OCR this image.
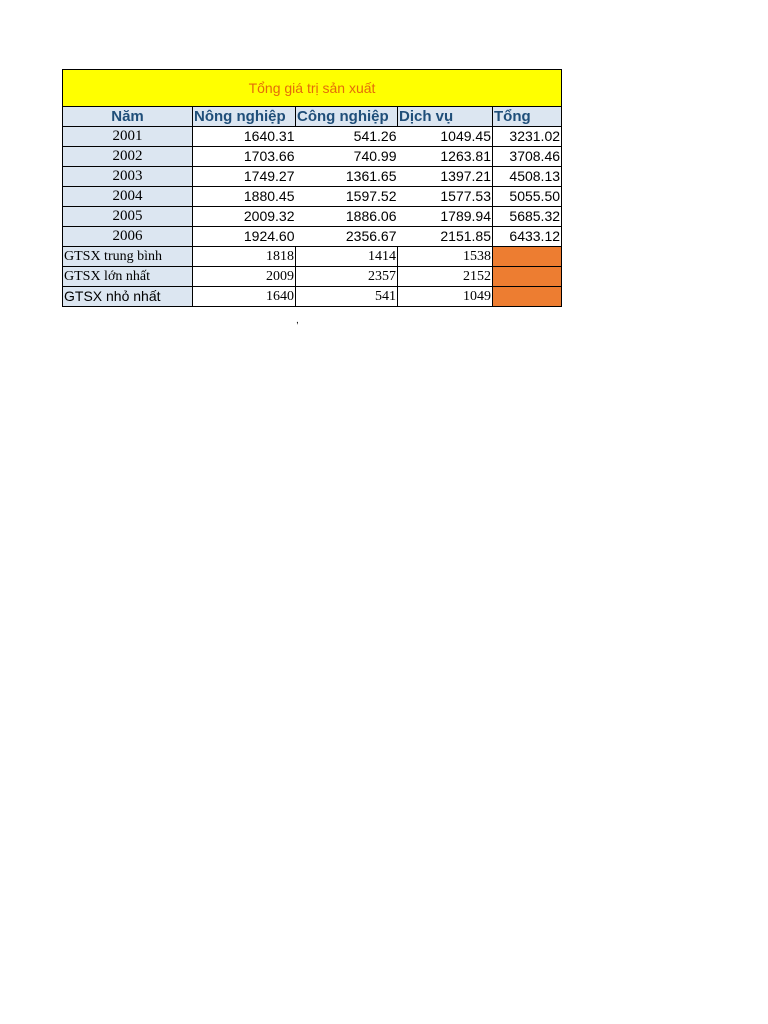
Tổng giá trị sản xuất				
Năm	Nông nghiệp	Công nghiệp	Dịch vụ	Tổng
2001	1640.31	541.26	1049.45	3231.02
2002	1703.66	740.99	1263.81	3708.46
2003	1749.27	1361.65	1397.21	4508.13
2004	1880.45	1597.52	1577.53	5055.50
2005	2009.32	1886.06	1789.94	5685.32
2006	1924.60	2356.67	2151.85	6433.12
GTSX trung bình	1818	1414	1538	
GTSX lớn nhất	2009	2357	2152	
GTSX nhỏ nhất	1640	541	1049	
,
